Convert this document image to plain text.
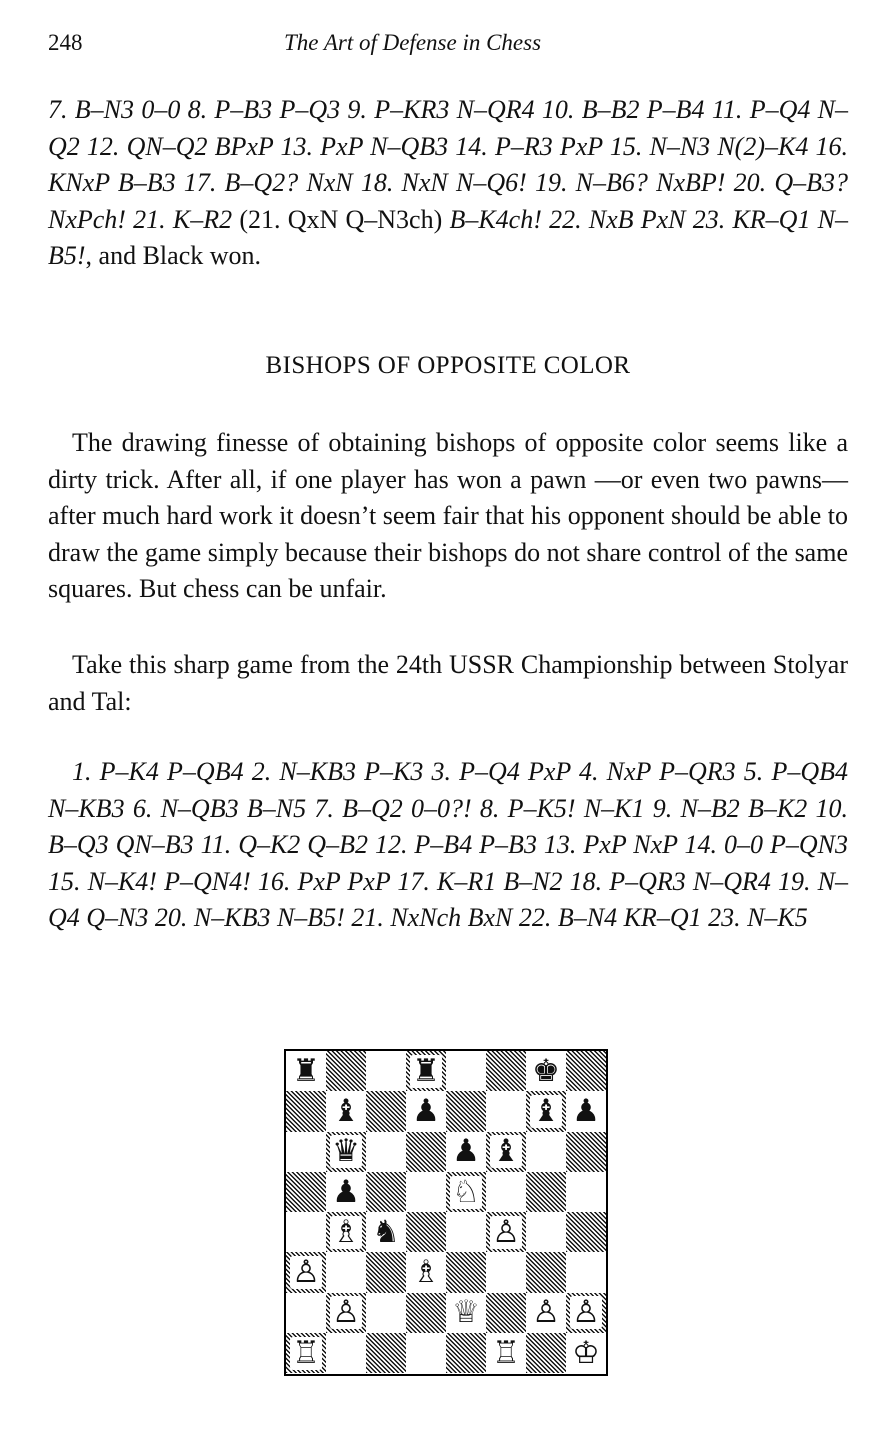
248	The Art of Defense in Chess

7. B–N3 0–0 8. P–B3 P–Q3 9. P–KR3 N–QR4 10. B–B2 P–B4 11. P–Q4 N–Q2 12. QN–Q2 BPxP 13. PxP N–QB3 14. P–R3 PxP 15. N–N3 N(2)–K4 16. KNxP B–B3 17. B–Q2? NxN 18. NxN N–Q6! 19. N–B6? NxBP! 20. Q–B3? NxPch! 21. K–R2 (21. QxN Q–N3ch) B–K4ch! 22. NxB PxN 23. KR–Q1 N–B5!, and Black won.

BISHOPS OF OPPOSITE COLOR

The drawing finesse of obtaining bishops of opposite color seems like a dirty trick. After all, if one player has won a pawn —or even two pawns—after much hard work it doesn’t seem fair that his opponent should be able to draw the game simply because their bishops do not share control of the same squares. But chess can be unfair.

Take this sharp game from the 24th USSR Championship between Stolyar and Tal:

1. P–K4 P–QB4 2. N–KB3 P–K3 3. P–Q4 PxP 4. NxP P–QR3 5. P–QB4 N–KB3 6. N–QB3 B–N5 7. B–Q2 0–0?! 8. P–K5! N–K1 9. N–B2 B–K2 10. B–Q3 QN–B3 11. Q–K2 Q–B2 12. P–B4 P–B3 13. PxP NxP 14. 0–0 P–QN3 15. N–K4! P–QN4! 16. PxP PxP 17. K–R1 B–N2 18. P–QR3 N–QR4 19. N–Q4 Q–N3 20. N–KB3 N–B5! 21. NxNch BxN 22. B–N4 KR–Q1 23. N–K5

♜	♜	♚
♝ ♟	♝ ♟
♛	♟ ♝
♟	♘
♗ ♞	♙
♙	♗
♙	♕ ♙ ♙
♖	♖ ♔
